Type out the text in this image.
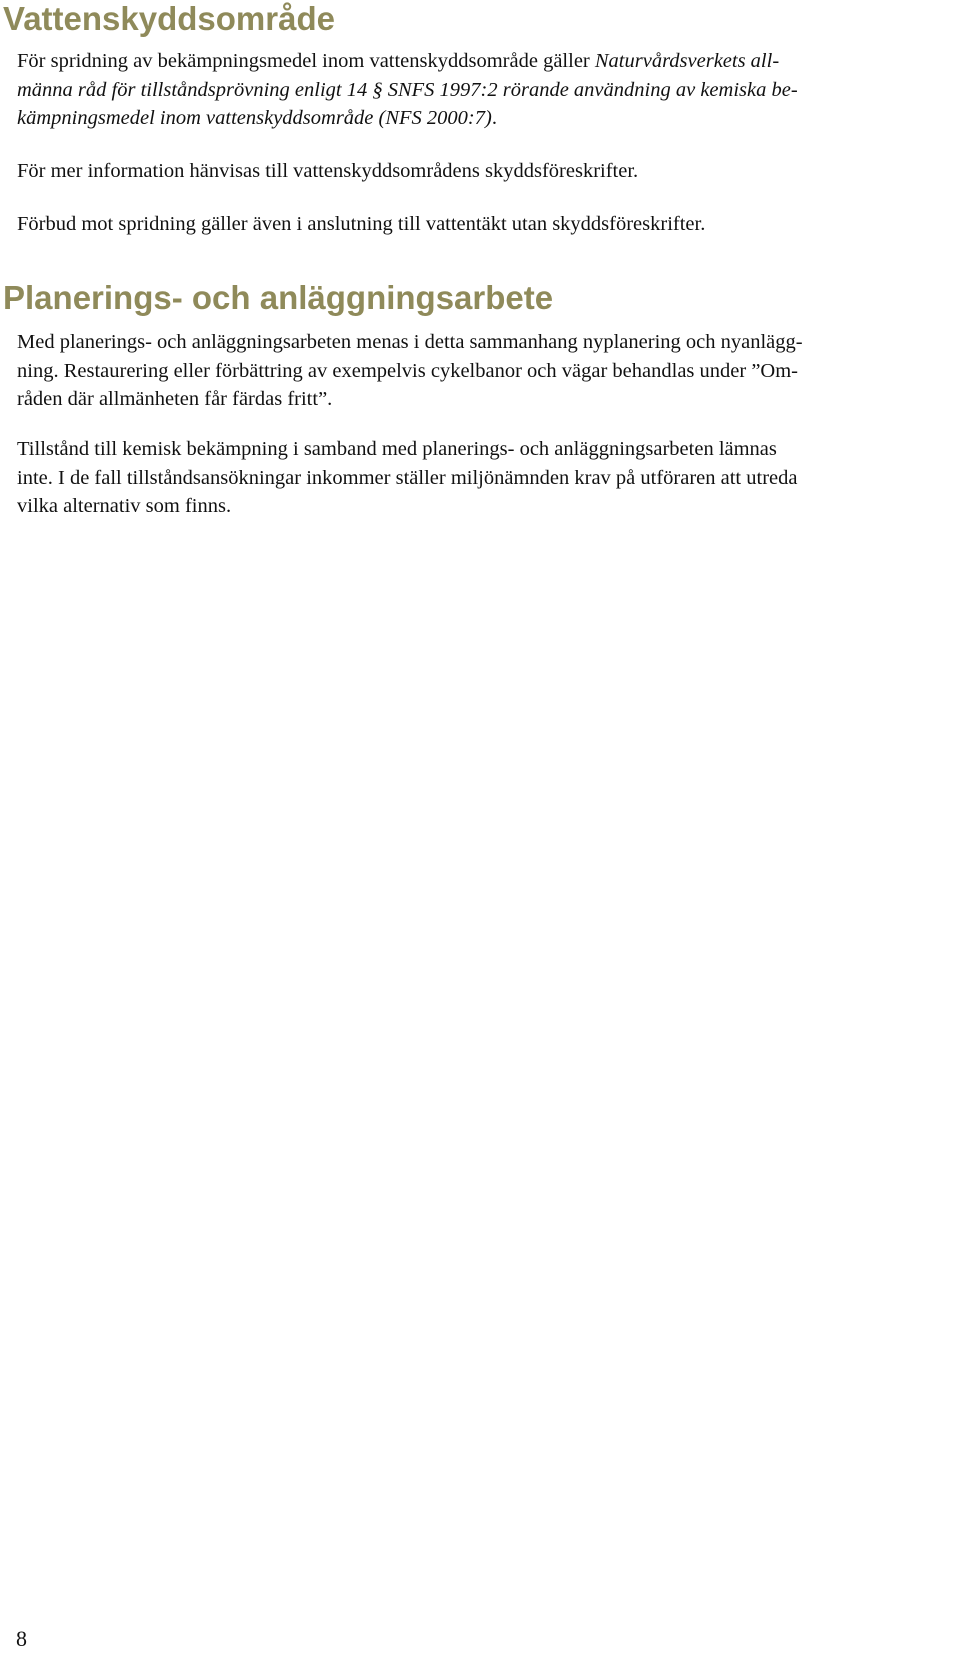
Vattenskyddsområde

För spridning av bekämpningsmedel inom vattenskyddsområde gäller Naturvårdsverkets all-
männa råd för tillståndsprövning enligt 14 § SNFS 1997:2 rörande användning av kemiska be-
kämpningsmedel inom vattenskyddsområde (NFS 2000:7).

För mer information hänvisas till vattenskyddsområdens skyddsföreskrifter.

Förbud mot spridning gäller även i anslutning till vattentäkt utan skyddsföreskrifter.

Planerings- och anläggningsarbete

Med planerings- och anläggningsarbeten menas i detta sammanhang nyplanering och nyanlägg-
ning. Restaurering eller förbättring av exempelvis cykelbanor och vägar behandlas under ”Om-
råden där allmänheten får färdas fritt”.

Tillstånd till kemisk bekämpning i samband med planerings- och anläggningsarbeten lämnas
inte. I de fall tillståndsansökningar inkommer ställer miljönämnden krav på utföraren att utreda
vilka alternativ som finns.

8
